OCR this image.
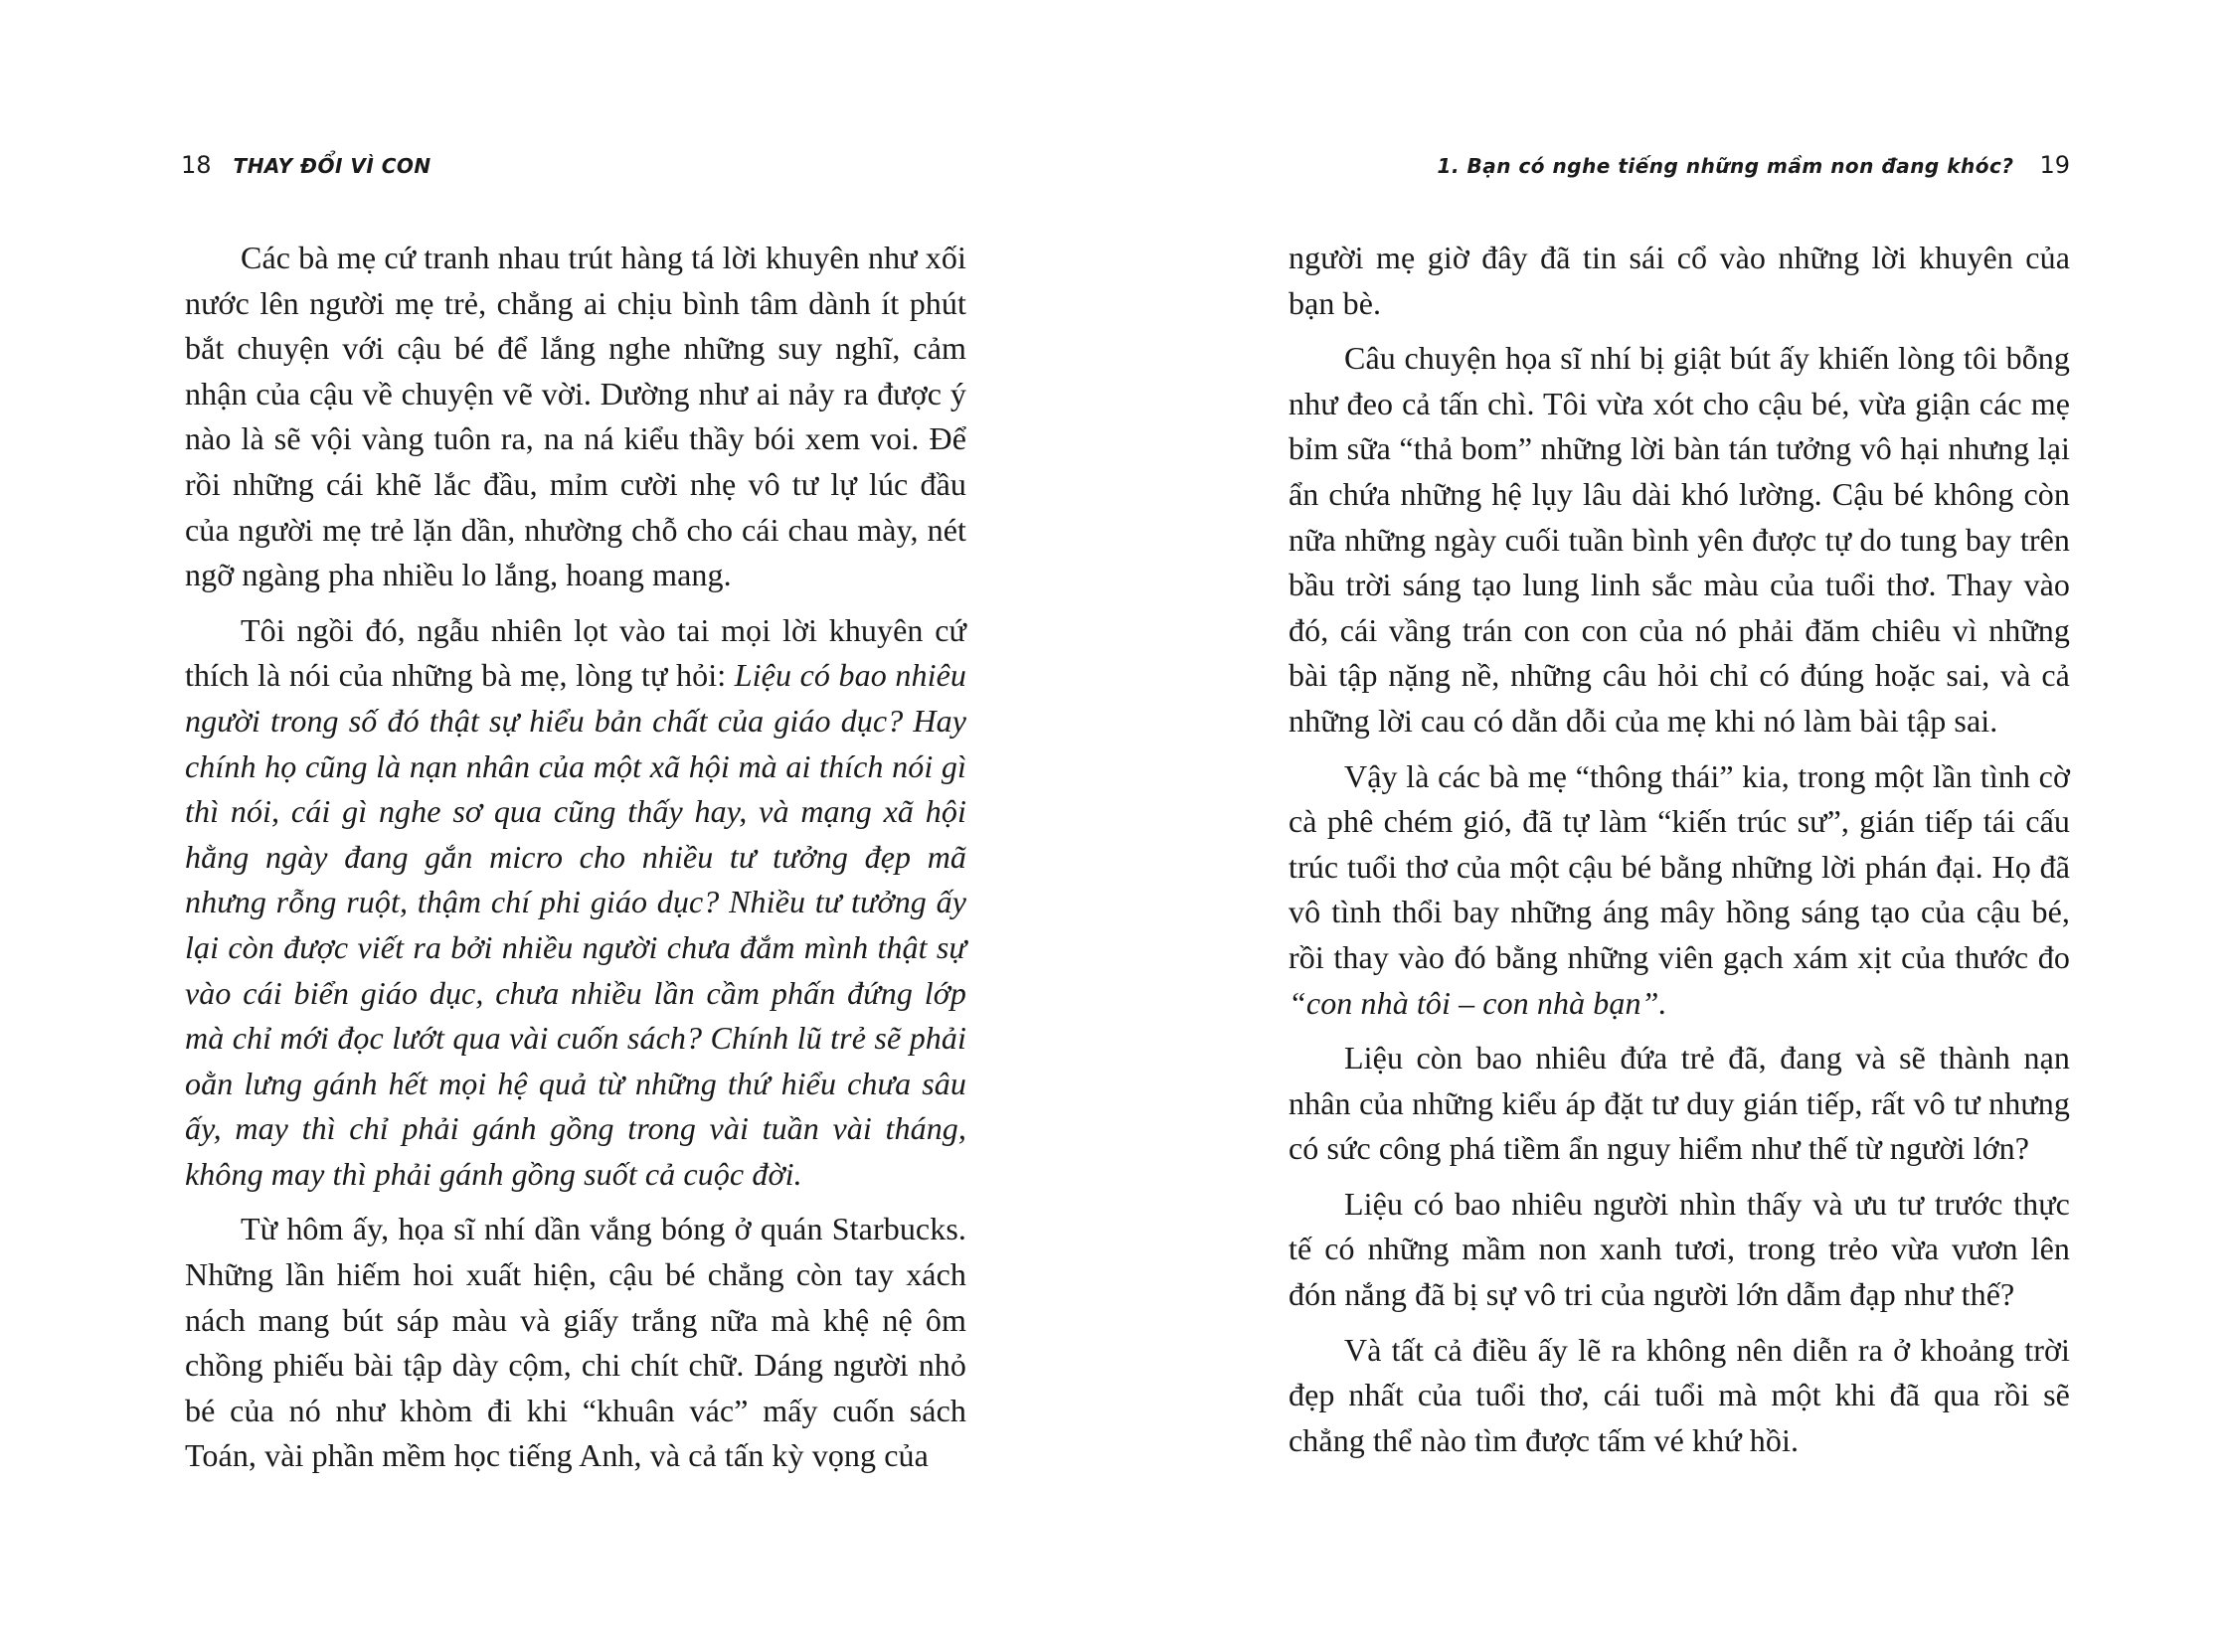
18 THAY ĐỔI VÌ CON

Các bà mẹ cứ tranh nhau trút hàng tá lời khuyên như xối nước lên người mẹ trẻ, chẳng ai chịu bình tâm dành ít phút bắt chuyện với cậu bé để lắng nghe những suy nghĩ, cảm nhận của cậu về chuyện vẽ vời. Dường như ai nảy ra được ý nào là sẽ vội vàng tuôn ra, na ná kiểu thầy bói xem voi. Để rồi những cái khẽ lắc đầu, mỉm cười nhẹ vô tư lự lúc đầu của người mẹ trẻ lặn dần, nhường chỗ cho cái chau mày, nét ngỡ ngàng pha nhiều lo lắng, hoang mang.

Tôi ngồi đó, ngẫu nhiên lọt vào tai mọi lời khuyên cứ thích là nói của những bà mẹ, lòng tự hỏi: Liệu có bao nhiêu người trong số đó thật sự hiểu bản chất của giáo dục? Hay chính họ cũng là nạn nhân của một xã hội mà ai thích nói gì thì nói, cái gì nghe sơ qua cũng thấy hay, và mạng xã hội hằng ngày đang gắn micro cho nhiều tư tưởng đẹp mã nhưng rỗng ruột, thậm chí phi giáo dục? Nhiều tư tưởng ấy lại còn được viết ra bởi nhiều người chưa đắm mình thật sự vào cái biển giáo dục, chưa nhiều lần cầm phấn đứng lớp mà chỉ mới đọc lướt qua vài cuốn sách? Chính lũ trẻ sẽ phải oằn lưng gánh hết mọi hệ quả từ những thứ hiểu chưa sâu ấy, may thì chỉ phải gánh gồng trong vài tuần vài tháng, không may thì phải gánh gồng suốt cả cuộc đời.

Từ hôm ấy, họa sĩ nhí dần vắng bóng ở quán Starbucks. Những lần hiếm hoi xuất hiện, cậu bé chẳng còn tay xách nách mang bút sáp màu và giấy trắng nữa mà khệ nệ ôm chồng phiếu bài tập dày cộm, chi chít chữ. Dáng người nhỏ bé của nó như khòm đi khi “khuân vác” mấy cuốn sách Toán, vài phần mềm học tiếng Anh, và cả tấn kỳ vọng của

1. Bạn có nghe tiếng những mầm non đang khóc? 19

người mẹ giờ đây đã tin sái cổ vào những lời khuyên của bạn bè.

Câu chuyện họa sĩ nhí bị giật bút ấy khiến lòng tôi bỗng như đeo cả tấn chì. Tôi vừa xót cho cậu bé, vừa giận các mẹ bỉm sữa “thả bom” những lời bàn tán tưởng vô hại nhưng lại ẩn chứa những hệ lụy lâu dài khó lường. Cậu bé không còn nữa những ngày cuối tuần bình yên được tự do tung bay trên bầu trời sáng tạo lung linh sắc màu của tuổi thơ. Thay vào đó, cái vầng trán con con của nó phải đăm chiêu vì những bài tập nặng nề, những câu hỏi chỉ có đúng hoặc sai, và cả những lời cau có dằn dỗi của mẹ khi nó làm bài tập sai.

Vậy là các bà mẹ “thông thái” kia, trong một lần tình cờ cà phê chém gió, đã tự làm “kiến trúc sư”, gián tiếp tái cấu trúc tuổi thơ của một cậu bé bằng những lời phán đại. Họ đã vô tình thổi bay những áng mây hồng sáng tạo của cậu bé, rồi thay vào đó bằng những viên gạch xám xịt của thước đo “con nhà tôi – con nhà bạn”.

Liệu còn bao nhiêu đứa trẻ đã, đang và sẽ thành nạn nhân của những kiểu áp đặt tư duy gián tiếp, rất vô tư nhưng có sức công phá tiềm ẩn nguy hiểm như thế từ người lớn?

Liệu có bao nhiêu người nhìn thấy và ưu tư trước thực tế có những mầm non xanh tươi, trong trẻo vừa vươn lên đón nắng đã bị sự vô tri của người lớn dẫm đạp như thế?

Và tất cả điều ấy lẽ ra không nên diễn ra ở khoảng trời đẹp nhất của tuổi thơ, cái tuổi mà một khi đã qua rồi sẽ chẳng thể nào tìm được tấm vé khứ hồi.
